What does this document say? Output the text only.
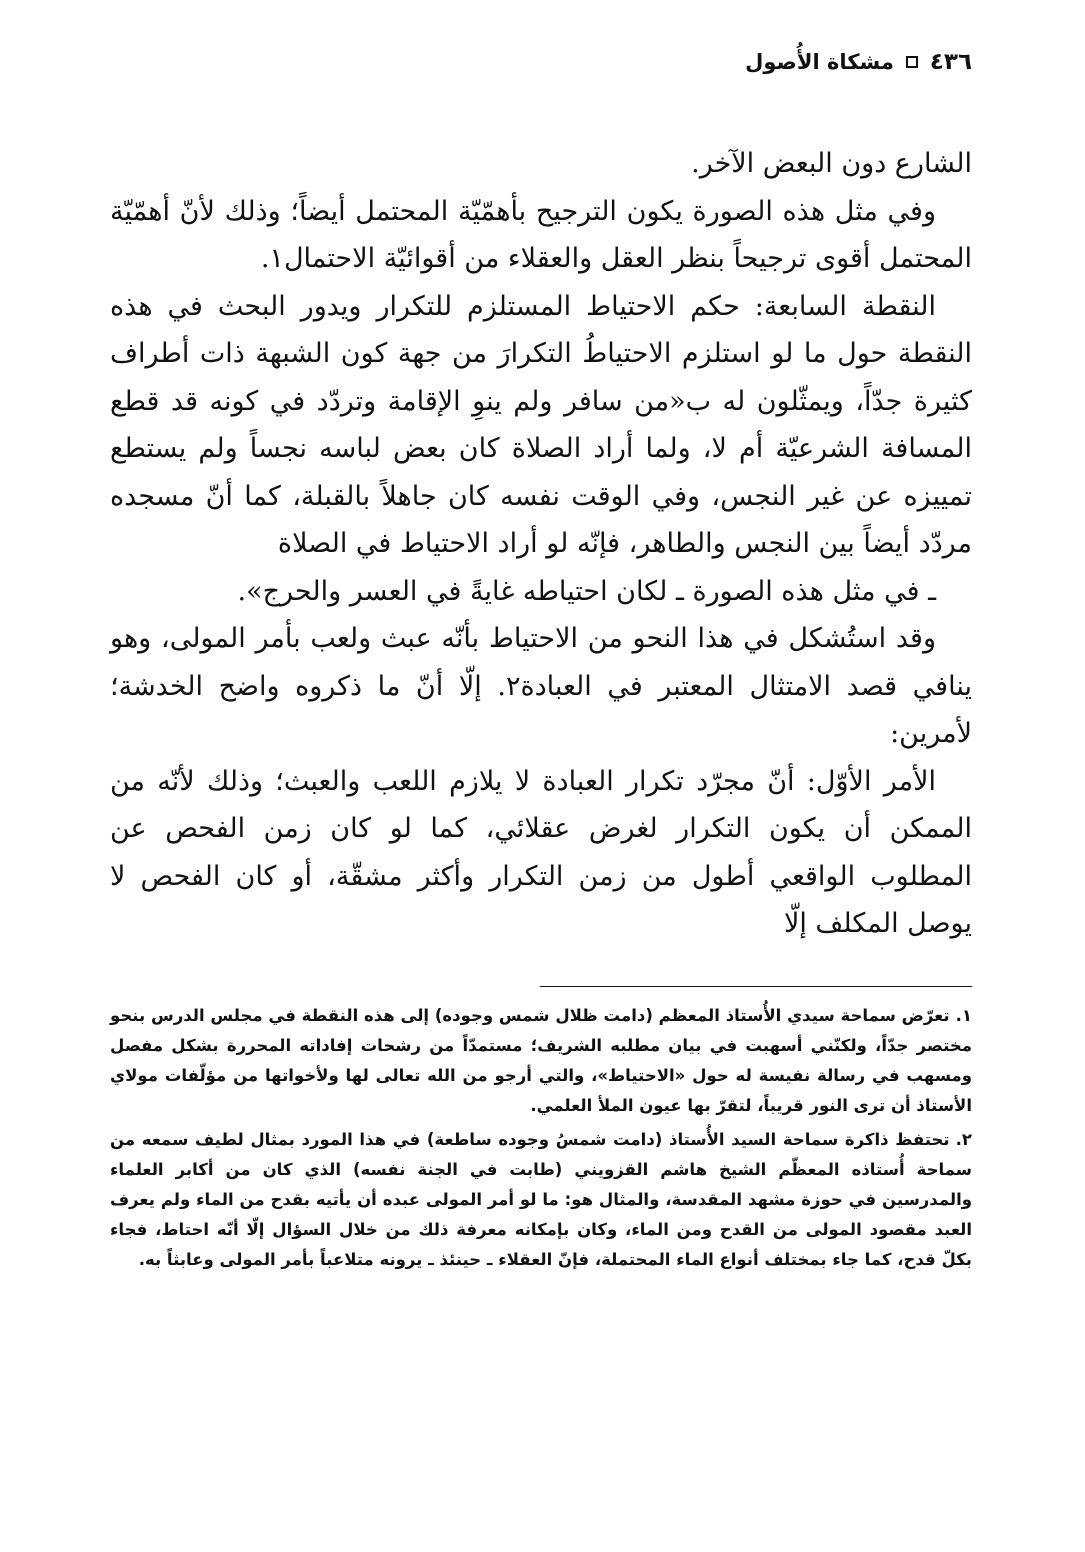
٤٣٦
مشكاة الأُصول

الشارع دون البعض الآخر.

وفي مثل هذه الصورة يكون الترجيح بأهمّيّة المحتمل أيضاً؛ وذلك لأنّ أهمّيّة المحتمل أقوى ترجيحاً بنظر العقل والعقلاء من أقوائيّة الاحتمال١.

النقطة السابعة: حكم الاحتياط المستلزم للتكرار ويدور البحث في هذه النقطة حول ما لو استلزم الاحتياطُ التكرارَ من جهة كون الشبهة ذات أطراف كثيرة جدّاً، ويمثّلون له ب«من سافر ولم ينوِ الإقامة وتردّد في كونه قد قطع المسافة الشرعيّة أم لا، ولما أراد الصلاة كان بعض لباسه نجساً ولم يستطع تمييزه عن غير النجس، وفي الوقت نفسه كان جاهلاً بالقبلة، كما أنّ مسجده مردّد أيضاً بين النجس والطاهر، فإنّه لو أراد الاحتياط في الصلاة

ـ في مثل هذه الصورة ـ لكان احتياطه غايةً في العسر والحرج».

وقد استُشكل في هذا النحو من الاحتياط بأنّه عبث ولعب بأمر المولى، وهو ينافي قصد الامتثال المعتبر في العبادة٢. إلّا أنّ ما ذكروه واضح الخدشة؛ لأمرين:

الأمر الأوّل: أنّ مجرّد تكرار العبادة لا يلازم اللعب والعبث؛ وذلك لأنّه من الممكن أن يكون التكرار لغرض عقلائي، كما لو كان زمن الفحص عن المطلوب الواقعي أطول من زمن التكرار وأكثر مشقّة، أو كان الفحص لا يوصل المكلف إلّا

١.تعرّض سماحة سيدي الأُستاذ المعظم (دامت ظلال شمس وجوده) إلى هذه النقطة في مجلس الدرس بنحو مختصر جدّاً، ولكنّني أسهبت في بيان مطلبه الشريف؛ مستمدّاً من رشحات إفاداته المحررة بشكل مفصل ومسهب في رسالة نفيسة له حول «الاحتياط»، والتي أرجو من الله تعالى لها ولأخواتها من مؤلّفات مولاي الأستاذ أن ترى النور قريباً، لتقرّ بها عيون الملأ العلمي.

٢.تحتفظ ذاكرة سماحة السيد الأُستاذ (دامت شمسُ وجوده ساطعة) في هذا المورد بمثال لطيف سمعه من سماحة أُستاذه المعظّم الشيخ هاشم القزويني (طابت في الجنة نفسه) الذي كان من أكابر العلماء والمدرسين في حوزة مشهد المقدسة، والمثال هو: ما لو أمر المولى عبده أن يأتيه بقدح من الماء ولم يعرف العبد مقصود المولى من القدح ومن الماء، وكان بإمكانه معرفة ذلك من خلال السؤال إلّا أنّه احتاط، فجاء بكلّ قدح، كما جاء بمختلف أنواع الماء المحتملة، فإنّ العقلاء ـ حينئذ ـ يرونه متلاعباً بأمر المولى وعابثاً به.
